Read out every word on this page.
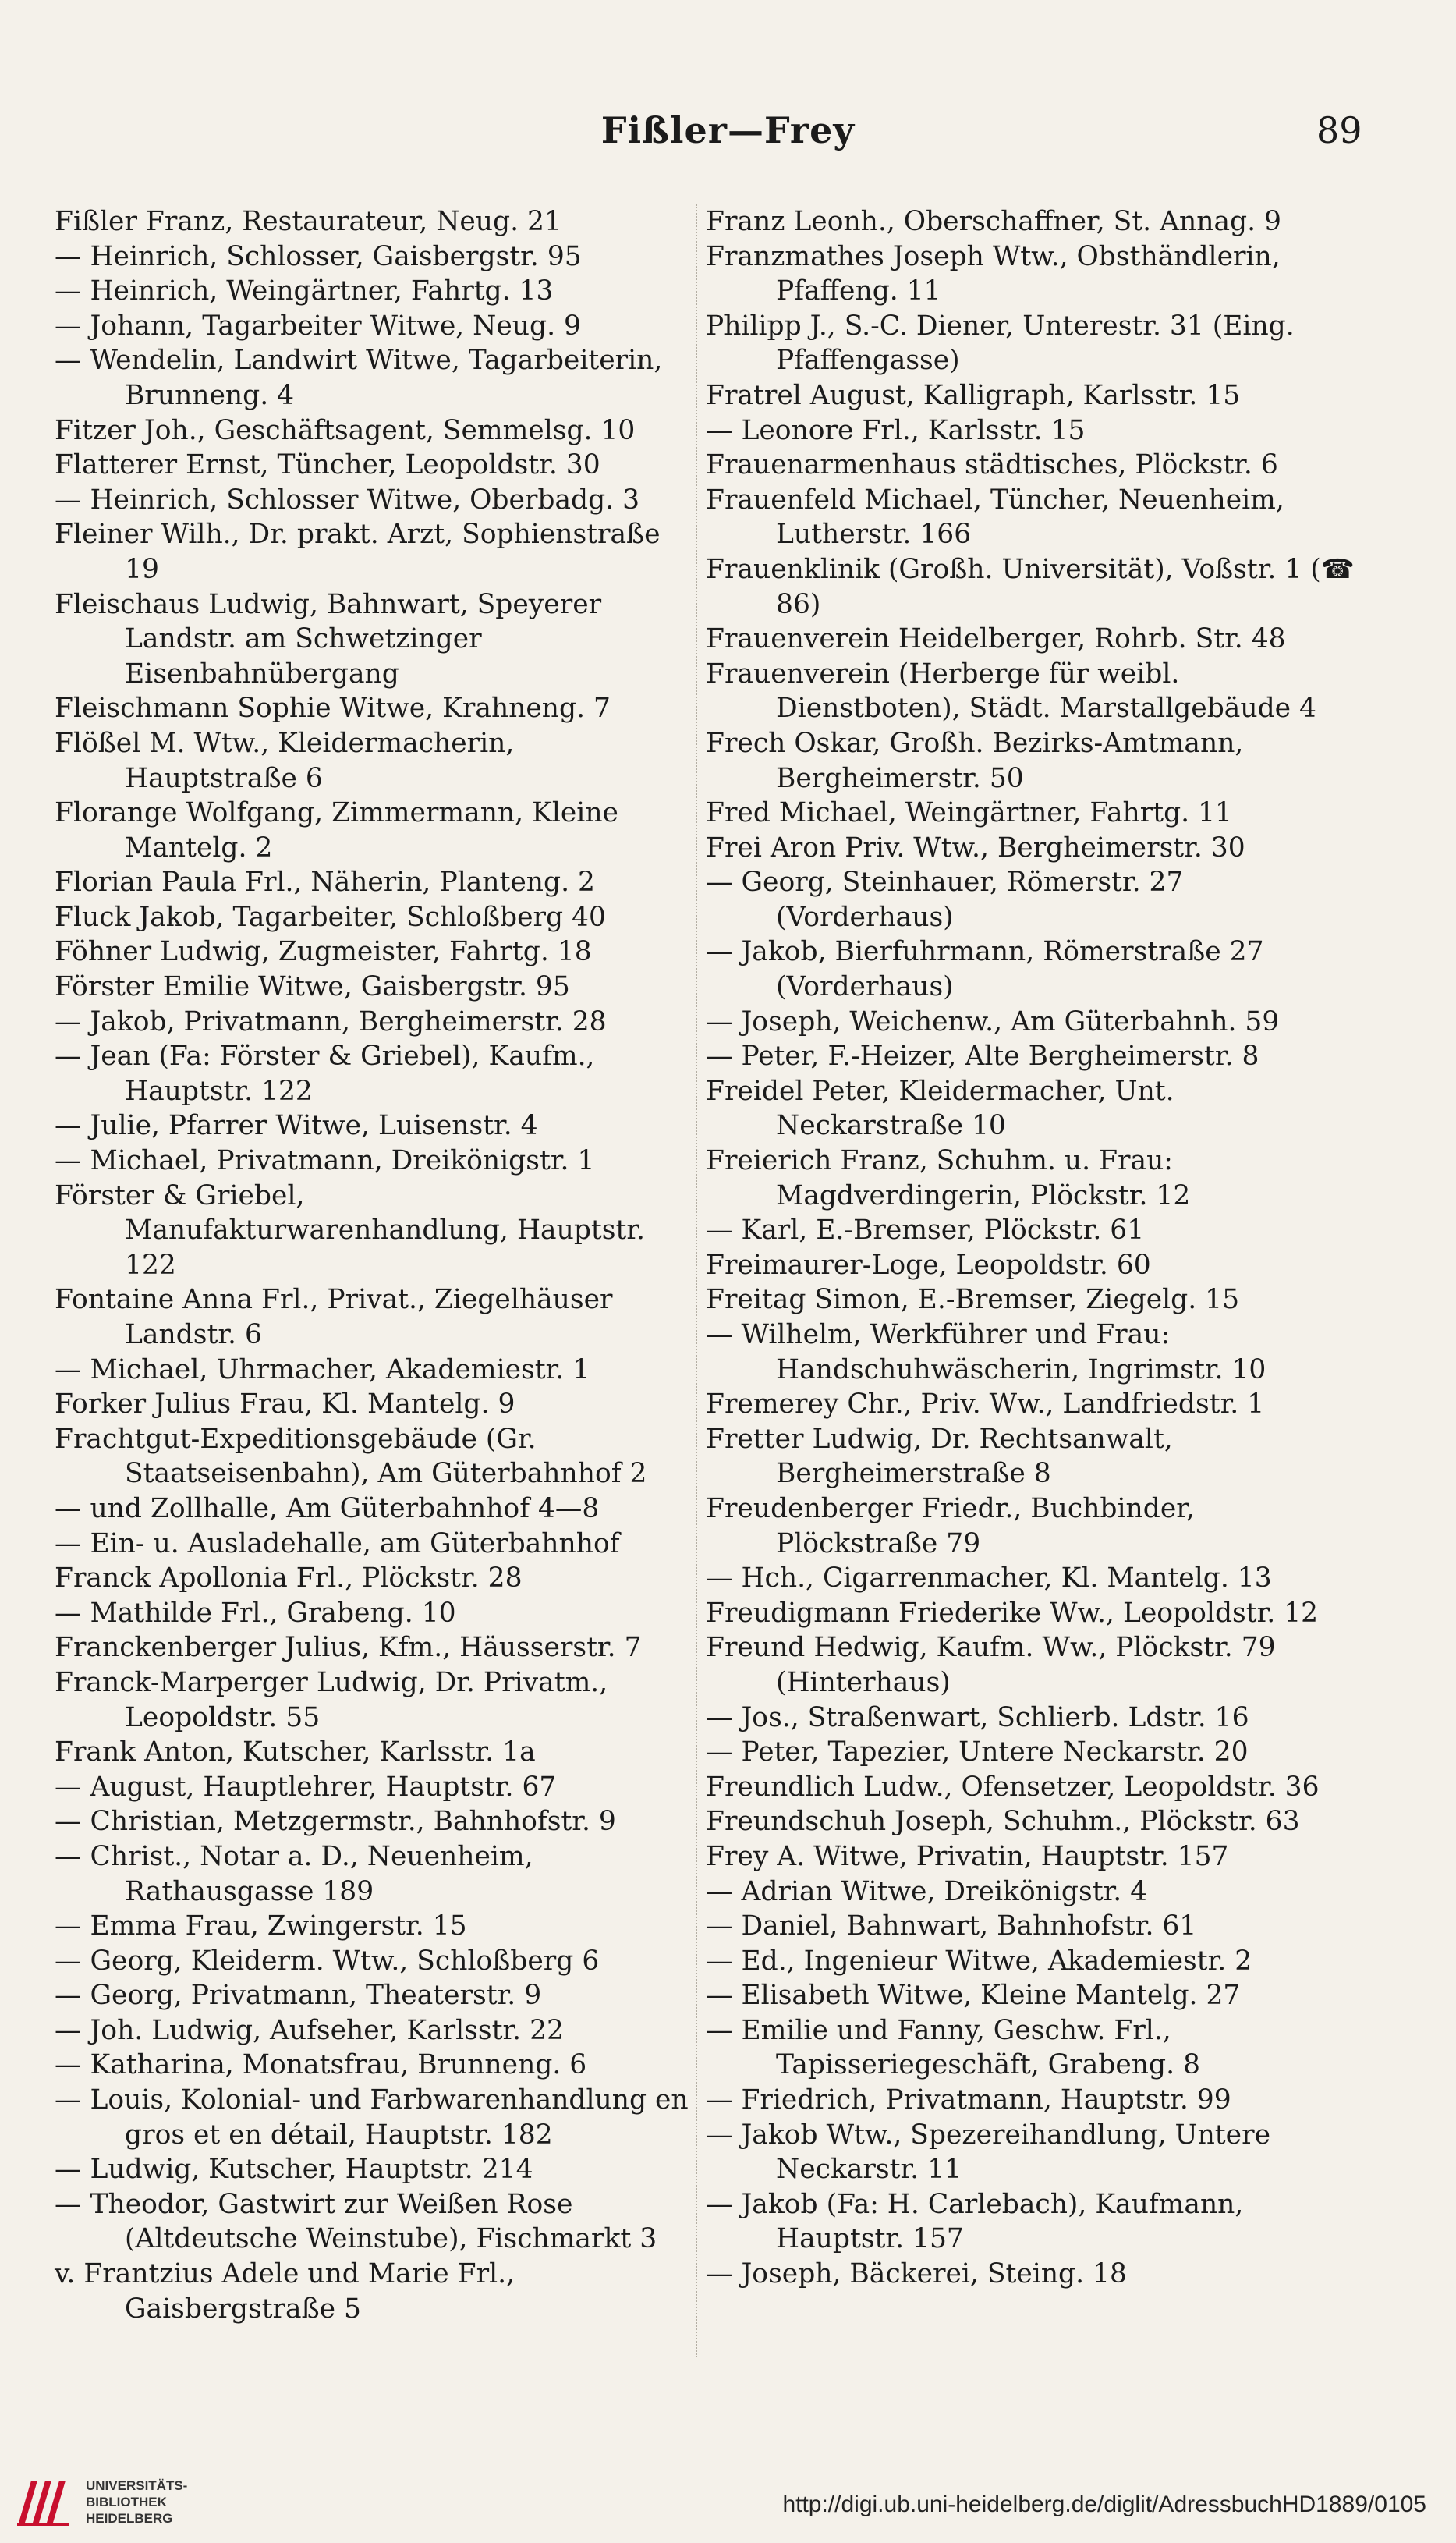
Fißler—Frey	89
Fißler Franz, Restaurateur, Neug. 21
— Heinrich, Schlosser, Gaisbergstr. 95
— Heinrich, Weingärtner, Fahrtg. 13
— Johann, Tagarbeiter Witwe, Neug. 9
— Wendelin, Landwirt Witwe, Tagarbeiterin, Brunneng. 4
Fitzer Joh., Geschäftsagent, Semmelsg. 10
Flatterer Ernst, Tüncher, Leopoldstr. 30
— Heinrich, Schlosser Witwe, Oberbadg. 3
Fleiner Wilh., Dr. prakt. Arzt, Sophienstraße 19
Fleischaus Ludwig, Bahnwart, Speyerer Landstr. am Schwetzinger Eisenbahnübergang
Fleischmann Sophie Witwe, Krahneng. 7
Flößel M. Wtw., Kleidermacherin, Hauptstraße 6
Florange Wolfgang, Zimmermann, Kleine Mantelg. 2
Florian Paula Frl., Näherin, Planteng. 2
Fluck Jakob, Tagarbeiter, Schloßberg 40
Föhner Ludwig, Zugmeister, Fahrtg. 18
Förster Emilie Witwe, Gaisbergstr. 95
— Jakob, Privatmann, Bergheimerstr. 28
— Jean (Fa: Förster & Griebel), Kaufm., Hauptstr. 122
— Julie, Pfarrer Witwe, Luisenstr. 4
— Michael, Privatmann, Dreikönigstr. 1
Förster & Griebel, Manufakturwarenhandlung, Hauptstr. 122
Fontaine Anna Frl., Privat., Ziegelhäuser Landstr. 6
— Michael, Uhrmacher, Akademiestr. 1
Forker Julius Frau, Kl. Mantelg. 9
Frachtgut-Expeditionsgebäude (Gr. Staatseisenbahn), Am Güterbahnhof 2
— und Zollhalle, Am Güterbahnhof 4—8
— Ein- u. Ausladehalle, am Güterbahnhof
Franck Apollonia Frl., Plöckstr. 28
— Mathilde Frl., Grabeng. 10
Franckenberger Julius, Kfm., Häusserstr. 7
Franck-Marperger Ludwig, Dr. Privatm., Leopoldstr. 55
Frank Anton, Kutscher, Karlsstr. 1a
— August, Hauptlehrer, Hauptstr. 67
— Christian, Metzgermstr., Bahnhofstr. 9
— Christ., Notar a. D., Neuenheim, Rathausgasse 189
— Emma Frau, Zwingerstr. 15
— Georg, Kleiderm. Wtw., Schloßberg 6
— Georg, Privatmann, Theaterstr. 9
— Joh. Ludwig, Aufseher, Karlsstr. 22
— Katharina, Monatsfrau, Brunneng. 6
— Louis, Kolonial- und Farbwarenhandlung en gros et en détail, Hauptstr. 182
— Ludwig, Kutscher, Hauptstr. 214
— Theodor, Gastwirt zur Weißen Rose (Altdeutsche Weinstube), Fischmarkt 3
v. Frantzius Adele und Marie Frl., Gaisbergstraße 5
Franz Leonh., Oberschaffner, St. Annag. 9
Franzmathes Joseph Wtw., Obsthändlerin, Pfaffeng. 11
Philipp J., S.-C. Diener, Unterestr. 31 (Eing. Pfaffengasse)
Fratrel August, Kalligraph, Karlsstr. 15
— Leonore Frl., Karlsstr. 15
Frauenarmenhaus städtisches, Plöckstr. 6
Frauenfeld Michael, Tüncher, Neuenheim, Lutherstr. 166
Frauenklinik (Großh. Universität), Voßstr. 1 (☎ 86)
Frauenverein Heidelberger, Rohrb. Str. 48
Frauenverein (Herberge für weibl. Dienstboten), Städt. Marstallgebäude 4
Frech Oskar, Großh. Bezirks-Amtmann, Bergheimerstr. 50
Fred Michael, Weingärtner, Fahrtg. 11
Frei Aron Priv. Wtw., Bergheimerstr. 30
— Georg, Steinhauer, Römerstr. 27 (Vorderhaus)
— Jakob, Bierfuhrmann, Römerstraße 27 (Vorderhaus)
— Joseph, Weichenw., Am Güterbahnh. 59
— Peter, F.-Heizer, Alte Bergheimerstr. 8
Freidel Peter, Kleidermacher, Unt. Neckarstraße 10
Freierich Franz, Schuhm. u. Frau: Magdverdingerin, Plöckstr. 12
— Karl, E.-Bremser, Plöckstr. 61
Freimaurer-Loge, Leopoldstr. 60
Freitag Simon, E.-Bremser, Ziegelg. 15
— Wilhelm, Werkführer und Frau: Handschuhwäscherin, Ingrimstr. 10
Fremerey Chr., Priv. Ww., Landfriedstr. 1
Fretter Ludwig, Dr. Rechtsanwalt, Bergheimerstraße 8
Freudenberger Friedr., Buchbinder, Plöckstraße 79
— Hch., Cigarrenmacher, Kl. Mantelg. 13
Freudigmann Friederike Ww., Leopoldstr. 12
Freund Hedwig, Kaufm. Ww., Plöckstr. 79 (Hinterhaus)
— Jos., Straßenwart, Schlierb. Ldstr. 16
— Peter, Tapezier, Untere Neckarstr. 20
Freundlich Ludw., Ofensetzer, Leopoldstr. 36
Freundschuh Joseph, Schuhm., Plöckstr. 63
Frey A. Witwe, Privatin, Hauptstr. 157
— Adrian Witwe, Dreikönigstr. 4
— Daniel, Bahnwart, Bahnhofstr. 61
— Ed., Ingenieur Witwe, Akademiestr. 2
— Elisabeth Witwe, Kleine Mantelg. 27
— Emilie und Fanny, Geschw. Frl., Tapisseriegeschäft, Grabeng. 8
— Friedrich, Privatmann, Hauptstr. 99
— Jakob Wtw., Spezereihandlung, Untere Neckarstr. 11
— Jakob (Fa: H. Carlebach), Kaufmann, Hauptstr. 157
— Joseph, Bäckerei, Steing. 18
UNIVERSITÄTS-
BIBLIOTHEK
HEIDELBERG
http://digi.ub.uni-heidelberg.de/diglit/AdressbuchHD1889/0105
